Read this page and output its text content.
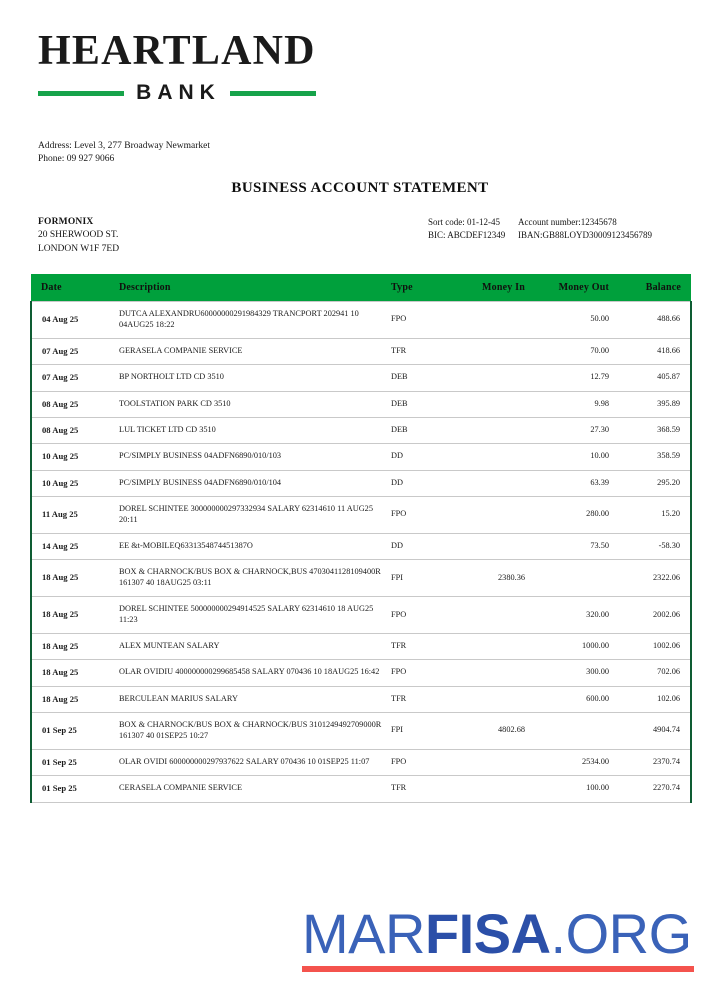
HEARTLAND
BANK
Address: Level 3, 277 Broadway Newmarket
Phone: 09 927 9066
BUSINESS ACCOUNT STATEMENT
FORMONIX
20 SHERWOOD ST.
LONDON W1F 7ED
Sort code: 01-12-45	Account number:12345678
BIC: ABCDEF12349	IBAN:GB88LOYD30009123456789
Date	Description	Type	Money In	Money Out	Balance
04 Aug 25	DUTCA ALEXANDRU60000000291984329 TRANCPORT 202941 10 04AUG25 18:22	FPO		50.00	488.66
07 Aug 25	GERASELA COMPANIE SERVICE	TFR		70.00	418.66
07 Aug 25	BP NORTHOLT LTD CD 3510	DEB		12.79	405.87
08 Aug 25	TOOLSTATION PARK CD 3510	DEB		9.98	395.89
08 Aug 25	LUL TICKET LTD CD 3510	DEB		27.30	368.59
10 Aug 25	PC/SIMPLY BUSINESS 04ADFN6890/010/103	DD		10.00	358.59
10 Aug 25	PC/SIMPLY BUSINESS 04ADFN6890/010/104	DD		63.39	295.20
11 Aug 25	DOREL SCHINTEE 300000000297332934 SALARY 62314610 11 AUG25 20:11	FPO		280.00	15.20
14 Aug 25	EE &t-MOBILEQ6331354874451387O	DD		73.50	-58.30
18 Aug 25	BOX & CHARNOCK/BUS BOX & CHARNOCK,BUS 4703041128109400R 161307 40 18AUG25 03:11	FPI	2380.36		2322.06
18 Aug 25	DOREL SCHINTEE 500000000294914525 SALARY 62314610 18 AUG25 11:23	FPO		320.00	2002.06
18 Aug 25	ALEX MUNTEAN SALARY	TFR		1000.00	1002.06
18 Aug 25	OLAR OVIDIU 400000000299685458 SALARY 070436 10 18AUG25 16:42	FPO		300.00	702.06
18 Aug 25	BERCULEAN MARIUS SALARY	TFR		600.00	102.06
01 Sep 25	BOX & CHARNOCK/BUS BOX & CHARNOCK/BUS 3101249492709000R 161307 40 01SEP25 10:27	FPI	4802.68		4904.74
01 Sep 25	OLAR OVIDI 600000000297937622 SALARY 070436 10 01SEP25 11:07	FPO		2534.00	2370.74
01 Sep 25	CERASELA COMPANIE SERVICE	TFR		100.00	2270.74
MARFISA.ORG
